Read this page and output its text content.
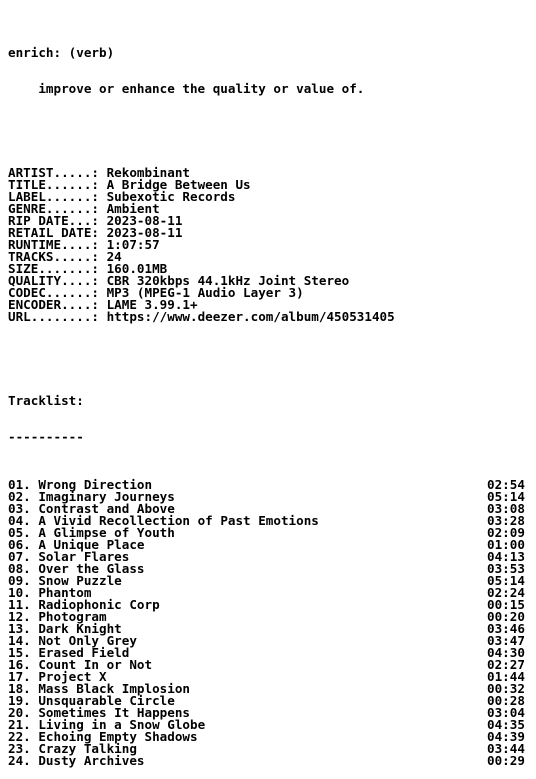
enrich: (verb)

improve or enhance the quality or value of.

ARTIST.....: Rekombinant
TITLE......: A Bridge Between Us
LABEL......: Subexotic Records
GENRE......: Ambient
RIP DATE...: 2023-08-11
RETAIL DATE: 2023-08-11
RUNTIME....: 1:07:57
TRACKS.....: 24
SIZE.......: 160.01MB
QUALITY....: CBR 320kbps 44.1kHz Joint Stereo
CODEC......: MP3 (MPEG-1 Audio Layer 3)
ENCODER....: LAME 3.99.1+
URL........: https://www.deezer.com/album/450531405

Tracklist:

----------

01. Wrong Direction	02:54
02. Imaginary Journeys	05:14
03. Contrast and Above	03:08
04. A Vivid Recollection of Past Emotions	03:28
05. A Glimpse of Youth	02:09
06. A Unique Place	01:00
07. Solar Flares	04:13
08. Over the Glass	03:53
09. Snow Puzzle	05:14
10. Phantom	02:24
11. Radiophonic Corp	00:15
12. Photogram	00:20
13. Dark Knight	03:46
14. Not Only Grey	03:47
15. Erased Field	04:30
16. Count In or Not	02:27
17. Project X	01:44
18. Mass Black Implosion	00:32
19. Unsquarable Circle	00:28
20. Sometimes It Happens	03:04
21. Living in a Snow Globe	04:35
22. Echoing Empty Shadows	04:39
23. Crazy Talking	03:44
24. Dusty Archives	00:29
